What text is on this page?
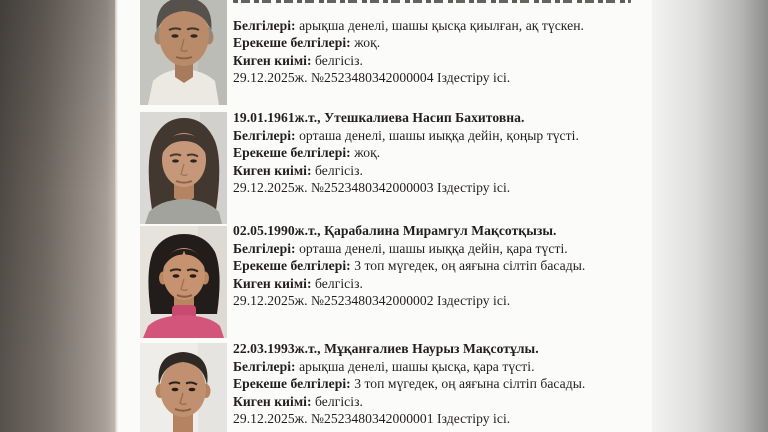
Белгілері: арықша денелі, шашы қысқа қиылған, ақ түскен.
Ерекеше белгілері: жоқ.
Киген киімі: белгісіз.
29.12.2025ж. №2523480342000004 Іздестіру ісі.
19.01.1961ж.т., Утешкалиева Насип Бахитовна.
Белгілері: орташа денелі, шашы иыққа дейін, қоңыр түсті.
Ерекеше белгілері: жоқ.
Киген киімі: белгісіз.
29.12.2025ж. №2523480342000003 Іздестіру ісі.
02.05.1990ж.т., Қарабалина Мирамгул Мақсотқызы.
Белгілері: орташа денелі, шашы иыққа дейін, қара түсті.
Ерекеше белгілері: 3 топ мүгедек, оң аяғына сілтіп басады.
Киген киімі: белгісіз.
29.12.2025ж. №2523480342000002 Іздестіру ісі.
22.03.1993ж.т., Мұқанғалиев Наурыз Мақсотұлы.
Белгілері: арықша денелі, шашы қысқа, қара түсті.
Ерекеше белгілері: 3 топ мүгедек, оң аяғына сілтіп басады.
Киген киімі: белгісіз.
29.12.2025ж. №2523480342000001 Іздестіру ісі.
